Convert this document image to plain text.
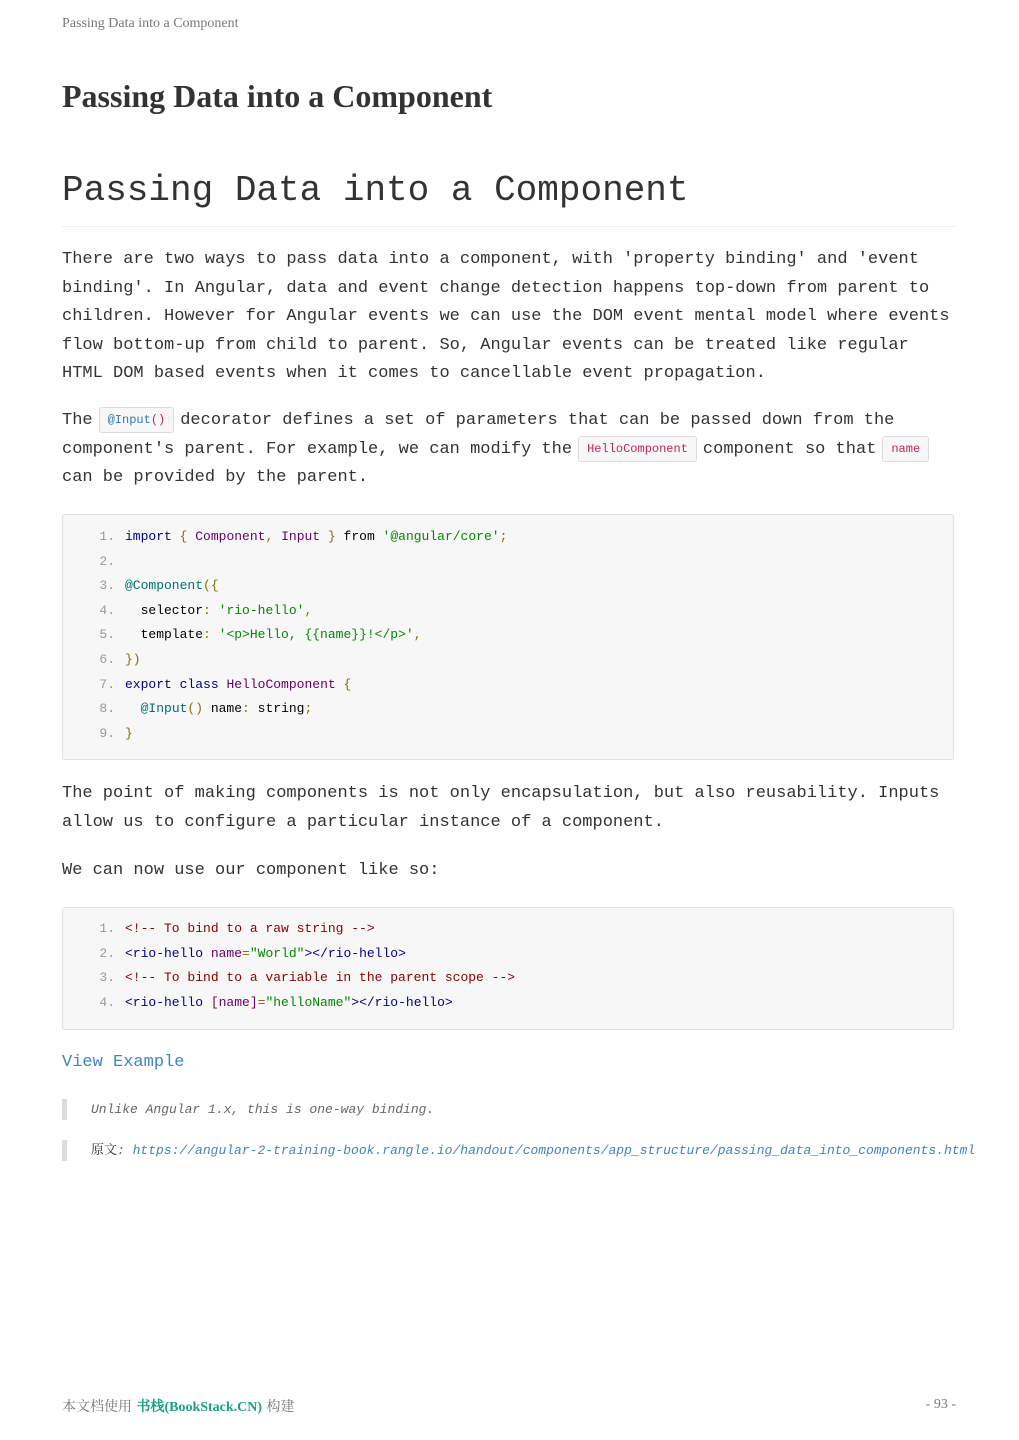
Passing Data into a Component
Passing Data into a Component
Passing Data into a Component

There are two ways to pass data into a component, with 'property binding' and 'event binding'. In Angular, data and event change detection happens top-down from parent to children. However for Angular events we can use the DOM event mental model where events flow bottom-up from child to parent. So, Angular events can be treated like regular HTML DOM based events when it comes to cancellable event propagation.

The @Input() decorator defines a set of parameters that can be passed down from the component's parent. For example, we can modify the HelloComponent component so that namecan be provided by the parent.

1. import { Component, Input } from '@angular/core';
2.
3. @Component({
4.  selector: 'rio-hello',
5.  template: '<p>Hello, {{name}}!</p>',
6. })
7. export class HelloComponent {
8. @Input() name: string;
9. }

The point of making components is not only encapsulation, but also reusability. Inputs allow us to configure a particular instance of a component.

We can now use our component like so:

1. <!-- To bind to a raw string -->
2. <rio-hello name="World"></rio-hello>
3. <!-- To bind to a variable in the parent scope -->
4. <rio-hello [name]="helloName"></rio-hello>
View Example
Unlike Angular 1.x, this is one-way binding.
原文: https://angular-2-training-book.rangle.io/handout/components/app_structure/passing_data_into_components.html
本文档使用 书栈(BookStack.CN) 构建	- 93 -
